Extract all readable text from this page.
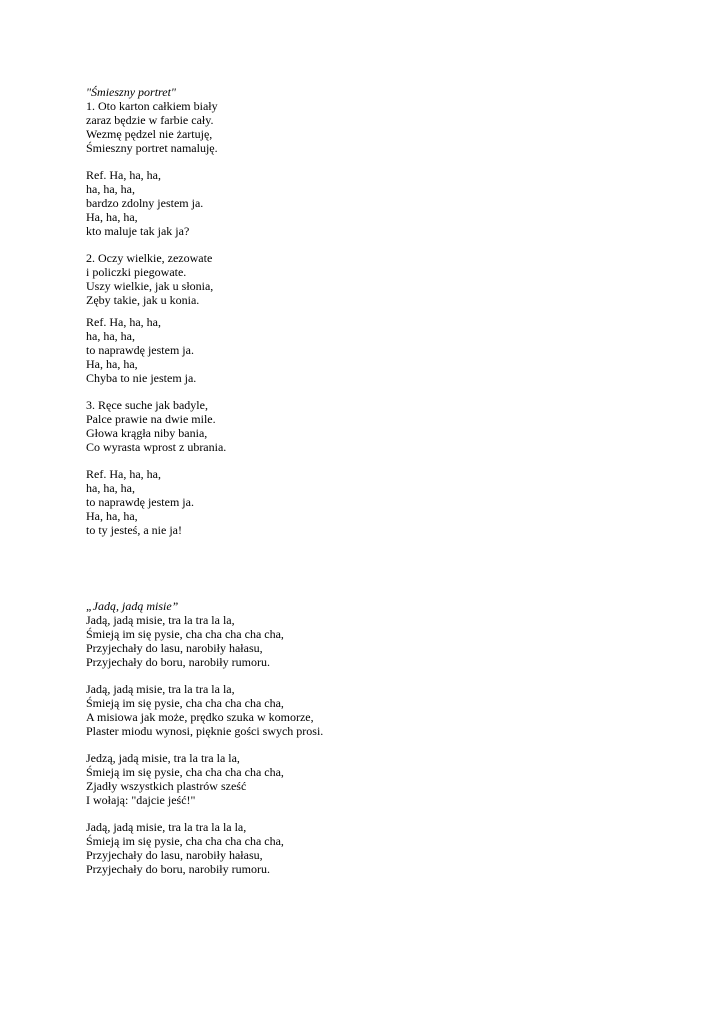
"Śmieszny portret"
1. Oto karton całkiem biały
zaraz będzie w farbie cały.
Wezmę pędzel nie żartuję,
Śmieszny portret namaluję.
Ref. Ha, ha, ha,
ha, ha, ha,
bardzo zdolny jestem ja.
Ha, ha, ha,
kto maluje tak jak ja?
2. Oczy wielkie, zezowate
i policzki piegowate.
Uszy wielkie, jak u słonia,
Zęby takie, jak u konia.
Ref. Ha, ha, ha,
ha, ha, ha,
to naprawdę jestem ja.
Ha, ha, ha,
Chyba to nie jestem ja.
3. Ręce suche jak badyle,
Palce prawie na dwie mile.
Głowa krągła niby bania,
Co wyrasta wprost z ubrania.
Ref. Ha, ha, ha,
ha, ha, ha,
to naprawdę jestem ja.
Ha, ha, ha,
to ty jesteś, a nie ja!
„Jadą, jadą misie”
Jadą, jadą misie, tra la tra la la,
Śmieją im się pysie, cha cha cha cha cha,
Przyjechały do lasu, narobiły hałasu,
Przyjechały do boru, narobiły rumoru.
Jadą, jadą misie, tra la tra la la,
Śmieją im się pysie, cha cha cha cha cha,
A misiowa jak może, prędko szuka w komorze,
Plaster miodu wynosi, pięknie gości swych prosi.
Jedzą, jadą misie, tra la tra la la,
Śmieją im się pysie, cha cha cha cha cha,
Zjadły wszystkich plastrów sześć
I wołają: "dajcie jeść!"
Jadą, jadą misie, tra la tra la la la,
Śmieją im się pysie, cha cha cha cha cha,
Przyjechały do lasu, narobiły hałasu,
Przyjechały do boru, narobiły rumoru.
